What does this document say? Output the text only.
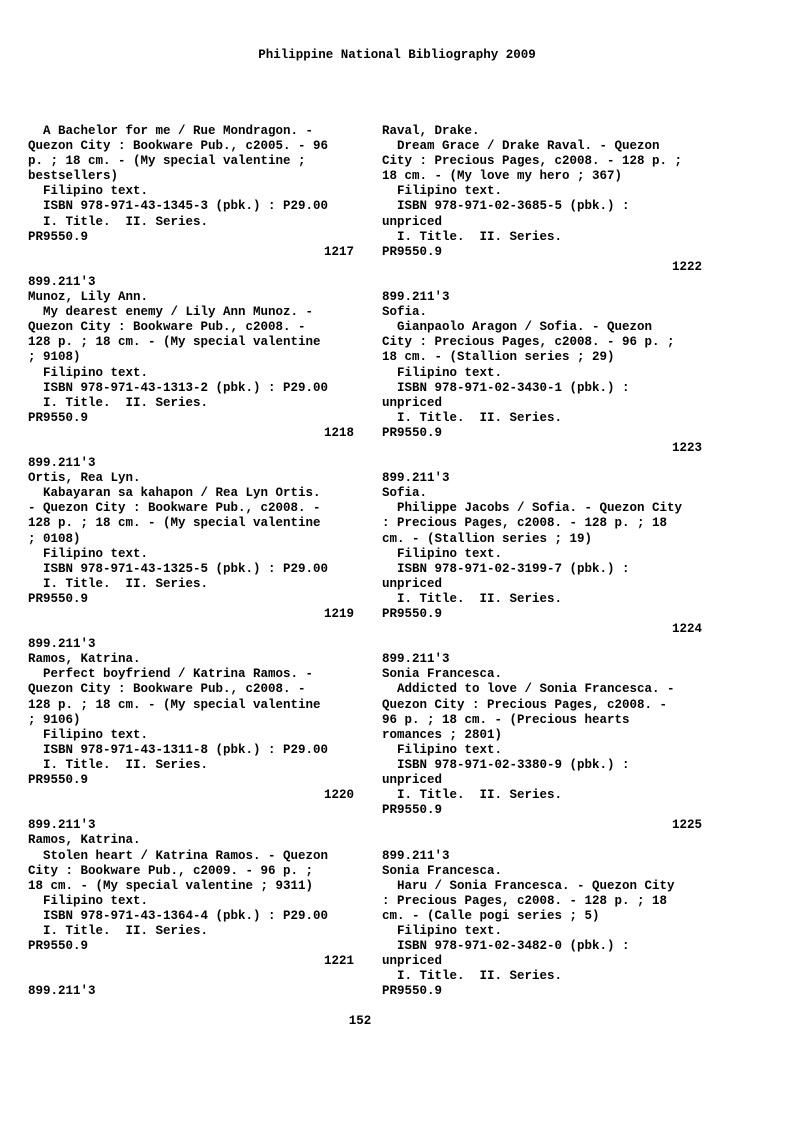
Philippine National Bibliography 2009
A Bachelor for me / Rue Mondragon. -
Quezon City : Bookware Pub., c2005. - 96
p. ; 18 cm. - (My special valentine ;
bestsellers)
Filipino text.
ISBN 978-971-43-1345-3 (pbk.) : P29.00
I. Title.  II. Series.
PR9550.9
1217
899.211'3
Munoz, Lily Ann.
My dearest enemy / Lily Ann Munoz. -
Quezon City : Bookware Pub., c2008. -
128 p. ; 18 cm. - (My special valentine
; 9108)
Filipino text.
ISBN 978-971-43-1313-2 (pbk.) : P29.00
I. Title.  II. Series.
PR9550.9
1218
899.211'3
Ortis, Rea Lyn.
Kabayaran sa kahapon / Rea Lyn Ortis.
- Quezon City : Bookware Pub., c2008. -
128 p. ; 18 cm. - (My special valentine
; 0108)
Filipino text.
ISBN 978-971-43-1325-5 (pbk.) : P29.00
I. Title.  II. Series.
PR9550.9
1219
899.211'3
Ramos, Katrina.
Perfect boyfriend / Katrina Ramos. -
Quezon City : Bookware Pub., c2008. -
128 p. ; 18 cm. - (My special valentine
; 9106)
Filipino text.
ISBN 978-971-43-1311-8 (pbk.) : P29.00
I. Title.  II. Series.
PR9550.9
1220
899.211'3
Ramos, Katrina.
Stolen heart / Katrina Ramos. - Quezon
City : Bookware Pub., c2009. - 96 p. ;
18 cm. - (My special valentine ; 9311)
Filipino text.
ISBN 978-971-43-1364-4 (pbk.) : P29.00
I. Title.  II. Series.
PR9550.9
1221
899.211'3
Raval, Drake.
Dream Grace / Drake Raval. - Quezon
City : Precious Pages, c2008. - 128 p. ;
18 cm. - (My love my hero ; 367)
Filipino text.
ISBN 978-971-02-3685-5 (pbk.) :
unpriced
I. Title.  II. Series.
PR9550.9
1222
899.211'3
Sofia.
Gianpaolo Aragon / Sofia. - Quezon
City : Precious Pages, c2008. - 96 p. ;
18 cm. - (Stallion series ; 29)
Filipino text.
ISBN 978-971-02-3430-1 (pbk.) :
unpriced
I. Title.  II. Series.
PR9550.9
1223
899.211'3
Sofia.
Philippe Jacobs / Sofia. - Quezon City
: Precious Pages, c2008. - 128 p. ; 18
cm. - (Stallion series ; 19)
Filipino text.
ISBN 978-971-02-3199-7 (pbk.) :
unpriced
I. Title.  II. Series.
PR9550.9
1224
899.211'3
Sonia Francesca.
Addicted to love / Sonia Francesca. -
Quezon City : Precious Pages, c2008. -
96 p. ; 18 cm. - (Precious hearts
romances ; 2801)
Filipino text.
ISBN 978-971-02-3380-9 (pbk.) :
unpriced
I. Title.  II. Series.
PR9550.9
1225
899.211'3
Sonia Francesca.
Haru / Sonia Francesca. - Quezon City
: Precious Pages, c2008. - 128 p. ; 18
cm. - (Calle pogi series ; 5)
Filipino text.
ISBN 978-971-02-3482-0 (pbk.) :
unpriced
I. Title.  II. Series.
PR9550.9
152
